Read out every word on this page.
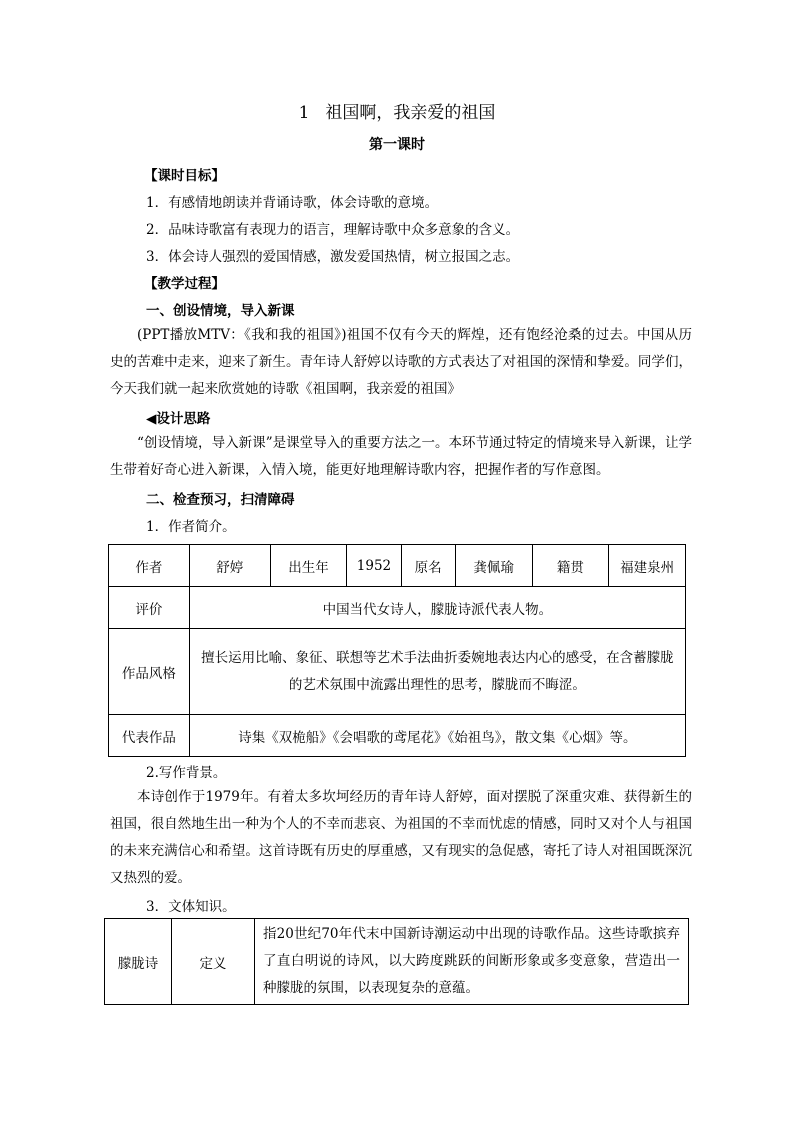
1 祖国啊，我亲爱的祖国
第一课时
【课时目标】
1．有感情地朗读并背诵诗歌，体会诗歌的意境。
2．品味诗歌富有表现力的语言，理解诗歌中众多意象的含义。
3．体会诗人强烈的爱国情感，激发爱国热情，树立报国之志。
【教学过程】
一、创设情境，导入新课

(PPT播放MTV：《我和我的祖国》)祖国不仅有今天的辉煌，还有饱经沧桑的过去。中国从历史的苦难中走来，迎来了新生。青年诗人舒婷以诗歌的方式表达了对祖国的深情和挚爱。同学们，今天我们就一起来欣赏她的诗歌《祖国啊，我亲爱的祖国》

◀设计思路

“创设情境，导入新课”是课堂导入的重要方法之一。本环节通过特定的情境来导入新课，让学生带着好奇心进入新课，入情入境，能更好地理解诗歌内容，把握作者的写作意图。

二、检查预习，扫清障碍
1．作者简介。
作者	舒婷	出生年	1952	原名	龚佩瑜	籍贯	福建泉州
评价	中国当代女诗人，朦胧诗派代表人物。						
作品风格	擅长运用比喻、象征、联想等艺术手法曲折委婉地表达内心的感受，在含蓄朦胧的艺术氛围中流露出理性的思考，朦胧而不晦涩。						
代表作品	诗集《双桅船》《会唱歌的鸢尾花》《始祖鸟》，散文集《心烟》等。						
2.写作背景。

本诗创作于1979年。有着太多坎坷经历的青年诗人舒婷，面对摆脱了深重灾难、获得新生的祖国，很自然地生出一种为个人的不幸而悲哀、为祖国的不幸而忧虑的情感，同时又对个人与祖国的未来充满信心和希望。这首诗既有历史的厚重感，又有现实的急促感，寄托了诗人对祖国既深沉又热烈的爱。

3．文体知识。
朦胧诗	定义	指20世纪70年代末中国新诗潮运动中出现的诗歌作品。这些诗歌摈弃了直白明说的诗风，以大跨度跳跃的间断形象或多变意象，营造出一种朦胧的氛围，以表现复杂的意蕴。
